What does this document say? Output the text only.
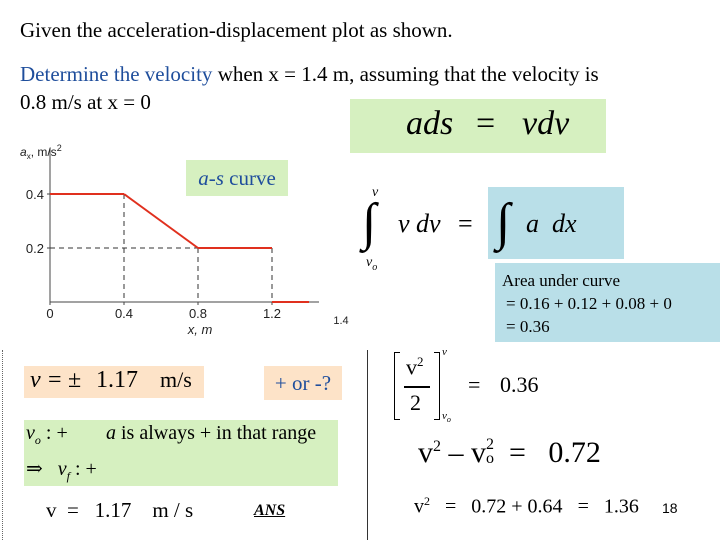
Given the acceleration-displacement plot as shown.
Determine the velocity when x = 1.4 m, assuming that the velocity is
0.8 m/s at x = 0
ads = vdv
a-s curve
0.4
0.2
0	0.4	0.8	1.2	1.4
x, m
$a_x$, $m/s^2$
v
∫
$v_o$
v dv = ∫ a  dx
Area under curve
= 0.16 + 0.12 + 0.08 + 0
= 0.36
v = ± 1.17 m/s	+ or -?
$v_o$ : + a is always + in that range
⇒ $v_f$ : +
v = 1.17 m / s	ANS
$v^2$
2
v
$v_o$
= 0.36
$v^2 - v2$
o = 0.72
$v^2 = 0.72 + 0.64 = 1.36$ 18
